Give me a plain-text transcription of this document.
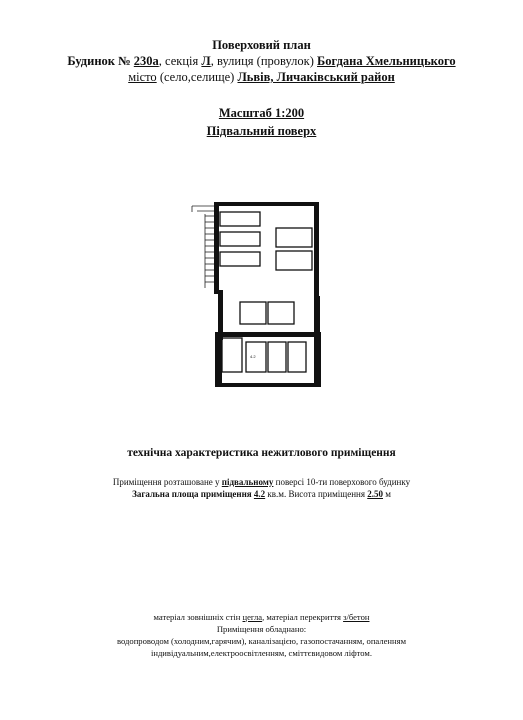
Поверховий план
Будинок № 230а, секція Л, вулиця (провулок) Богдана Хмельницького
місто (село,селище) Львів, Личаківський район
Масштаб 1:200
Підвальний поверх
4.2
технічна характеристика нежитлового приміщення
Приміщення розташоване у підвальному поверсі 10-ти поверхового будинку
Загальна площа приміщення 4.2 кв.м. Висота приміщення 2.50 м
матеріал зовнішніх стін цегла, матеріал перекриття з/бетон
Приміщення обладнано:
водопроводом (холодним,гарячим), каналізацією, газопостачанням, опаленням
індивідуальним,електроосвітленням, сміттєвидовом ліфтом.
